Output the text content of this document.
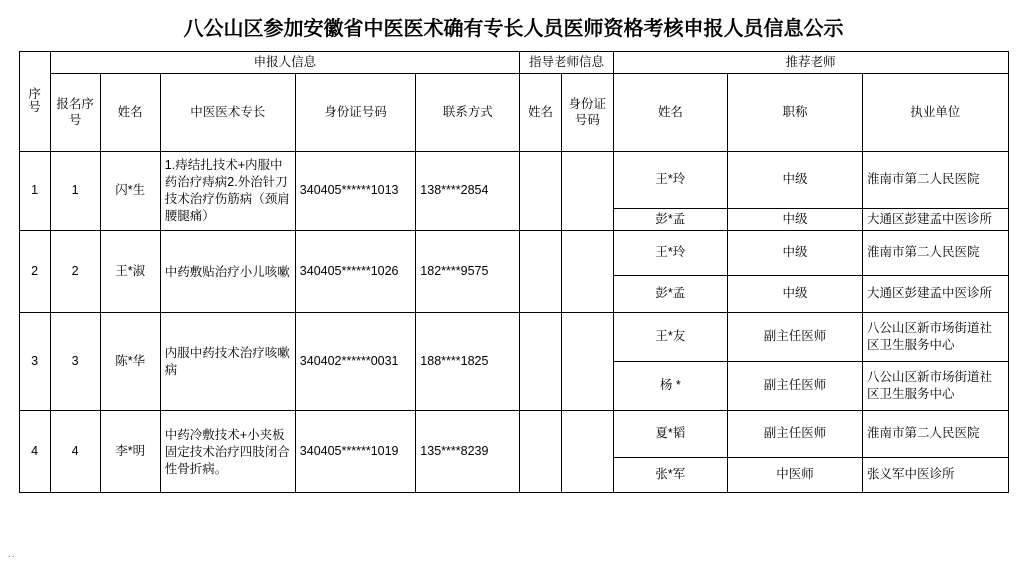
八公山区参加安徽省中医医术确有专长人员医师资格考核申报人员信息公示
序号	申报人信息					指导老师信息		推荐老师		
	报名序号	姓名	中医医术专长	身份证号码	联系方式	姓名	身份证号码	姓名	职称	执业单位
1	1	闪*生	1.痔结扎技术+内服中药治疗痔病2.外治针刀技术治疗伤筋病（颈肩腰腿痛）	340405******1013	138****2854			王*玲	中级	淮南市第二人民医院
								彭*孟	中级	大通区彭建孟中医诊所
2	2	王*淑	中药敷贴治疗小儿咳嗽	340405******1026	182****9575			王*玲	中级	淮南市第二人民医院
								彭*孟	中级	大通区彭建孟中医诊所
3	3	陈*华	内服中药技术治疗咳嗽病	340402******0031	188****1825			王*友	副主任医师	八公山区新市场街道社区卫生服务中心
								杨 *	副主任医师	八公山区新市场街道社区卫生服务中心
4	4	李*明	中药冷敷技术+小夹板固定技术治疗四肢闭合性骨折病。	340405******1019	135****8239			夏*韬	副主任医师	淮南市第二人民医院
								张*军	中医师	张义军中医诊所
..
